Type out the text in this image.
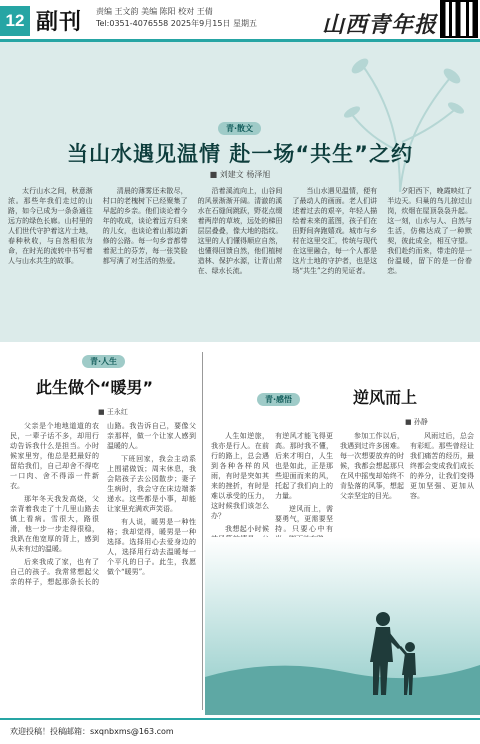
12 副刊 责编 王文韵 美编 陈阳 校对 王倩
Tel:0351-4076558 2025年9月15日 星期五	山西青年报
青·散文
当山水遇见温情 赴一场“共生”之约
■ 刘建文 杨泽旭

太行山水之间，秋意渐浓。那些年我们走过的山路，如今已成为一条条通往远方的绿色长廊。山村里的人们世代守护着这片土地，春种秋收，与自然相依为命，在时光的流转中书写着人与山水共生的故事。

清晨的薄雾还未散尽，村口的老槐树下已经聚集了早起的乡亲。他们谈论着今年的收成，谈论着远方归来的儿女，也谈论着山那边新修的公路。每一句乡音都带着泥土的芬芳，每一张笑脸都写满了对生活的热爱。

沿着溪流向上，山谷间的风景渐渐开阔。清澈的溪水在石缝间跳跃，野花点缀着两岸的草坡，远处的梯田层层叠叠，像大地的指纹。这里的人们懂得顺应自然，也懂得回馈自然，他们植树造林、保护水源，让青山常在、绿水长流。

当山水遇见温情，便有了最动人的画面。老人们讲述着过去的艰辛，年轻人描绘着未来的蓝图，孩子们在田野间奔跑嬉戏。城市与乡村在这里交汇，传统与现代在这里融合，每一个人都是这片土地的守护者，也是这场“共生”之约的见证者。

夕阳西下，晚霞映红了半边天。归巢的鸟儿掠过山岗，炊烟在屋顶袅袅升起。这一刻，山水与人、自然与生活，仿佛达成了一种默契，彼此成全，相互守望。我们赴约而来，带走的是一份温暖，留下的是一份眷恋。

青·人生
此生做个“暖男”
■ 王永红

父亲是个地地道道的农民，一辈子话不多，却用行动告诉我什么是担当。小时候家里穷，他总是把最好的留给我们，自己却舍不得吃一口肉、舍不得添一件新衣。

那年冬天我发高烧，父亲背着我走了十几里山路去镇上看病。雪很大，路很滑，他一步一步走得很稳，我趴在他宽厚的背上，感到从未有过的温暖。

后来我成了家，也有了自己的孩子。我常常想起父亲的样子，想起那条长长的山路。我告诉自己，要像父亲那样，做一个让家人感到温暖的人。

下班回家，我会主动系上围裙做饭；周末休息，我会陪孩子去公园散步；妻子生病时，我会守在床边端茶递水。这些都是小事，却能让家里充满欢声笑语。

有人说，暖男是一种性格；我却觉得，暖男是一种选择。选择用心去爱身边的人，选择用行动去温暖每一个平凡的日子。此生，我愿做个“暖男”。

青·感悟	逆风而上
■ 孙静

人生如逆旅，我亦是行人。在前行的路上，总会遇到各种各样的风雨，有时是突如其来的挫折，有时是难以承受的压力，这时候我们该怎么办？

我想起小时候 有逆风才能飞得更高。那时我不懂，后来才明白，人生也是如此，正是那些迎面而来的风，托起了我们向上的力量。

逆风而上，需要勇气，更需要坚持。只要心中有

参加工作以后，我遇到过许多困难。每一次想要放弃的时候，我都会想起那只在风中摇曳却始终不肯坠落的风筝，想起父亲坚定的目光。

风雨过后，总会有彩虹。那些曾经让我们痛苦的经历，最终都会变成我们成长的养分，让我们变得更加坚强、更加从容。

欢迎投稿！投稿邮箱：sxqnbxms@163.com
